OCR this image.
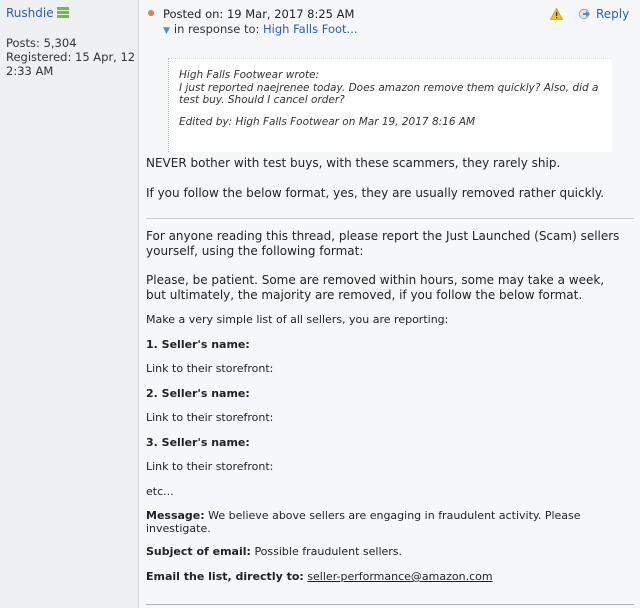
Rushdie
Posts: 5,304
Registered: 15 Apr, 12 2:33 AM
Posted on: 19 Mar, 2017 8:25 AM
▼ in response to: High Falls Foot...
Reply
High Falls Footwear wrote:
I just reported naejrenee today. Does amazon remove them quickly? Also, did a test buy. Should I cancel order?
Edited by: High Falls Footwear on Mar 19, 2017 8:16 AM
NEVER bother with test buys, with these scammers, they rarely ship.
If you follow the below format, yes, they are usually removed rather quickly.
For anyone reading this thread, please report the Just Launched (Scam) sellers yourself, using the following format:
Please, be patient. Some are removed within hours, some may take a week, but ultimately, the majority are removed, if you follow the below format.
Make a very simple list of all sellers, you are reporting:
1. Seller's name:
Link to their storefront:
2. Seller's name:
Link to their storefront:
3. Seller's name:
Link to their storefront:
etc...
Message: We believe above sellers are engaging in fraudulent activity. Please investigate.
Subject of email: Possible fraudulent sellers.
Email the list, directly to: seller-performance@amazon.com
